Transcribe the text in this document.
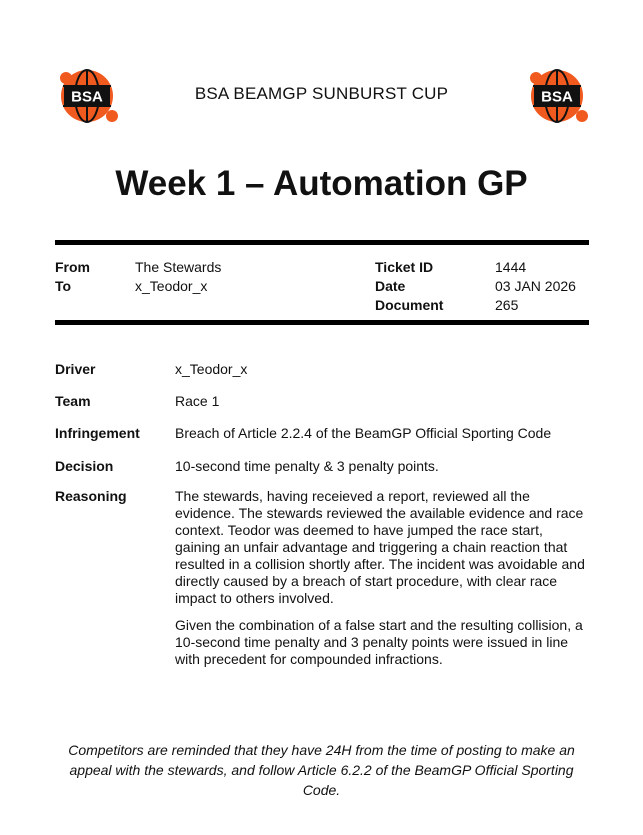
BSA	BSA BEAMGP SUNBURST CUP	BSA
Week 1 – Automation GP
From	The Stewards
To	x_Teodor_x
Ticket ID	1444
Date	03 JAN 2026
Document	265
Driver	x_Teodor_x
Team	Race 1
Infringement	Breach of Article 2.2.4 of the BeamGP Official Sporting Code
Decision	10-second time penalty & 3 penalty points.
Reasoning	The stewards, having receieved a report, reviewed all the evidence. The stewards reviewed the available evidence and race context. Teodor was deemed to have jumped the race start, gaining an unfair advantage and triggering a chain reaction that resulted in a collision shortly after. The incident was avoidable and directly caused by a breach of start procedure, with clear race impact to others involved.

Given the combination of a false start and the resulting collision, a 10-second time penalty and 3 penalty points were issued in line with precedent for compounded infractions.

Competitors are reminded that they have 24H from the time of posting to make an appeal with the stewards, and follow Article 6.2.2 of the BeamGP Official Sporting Code.
